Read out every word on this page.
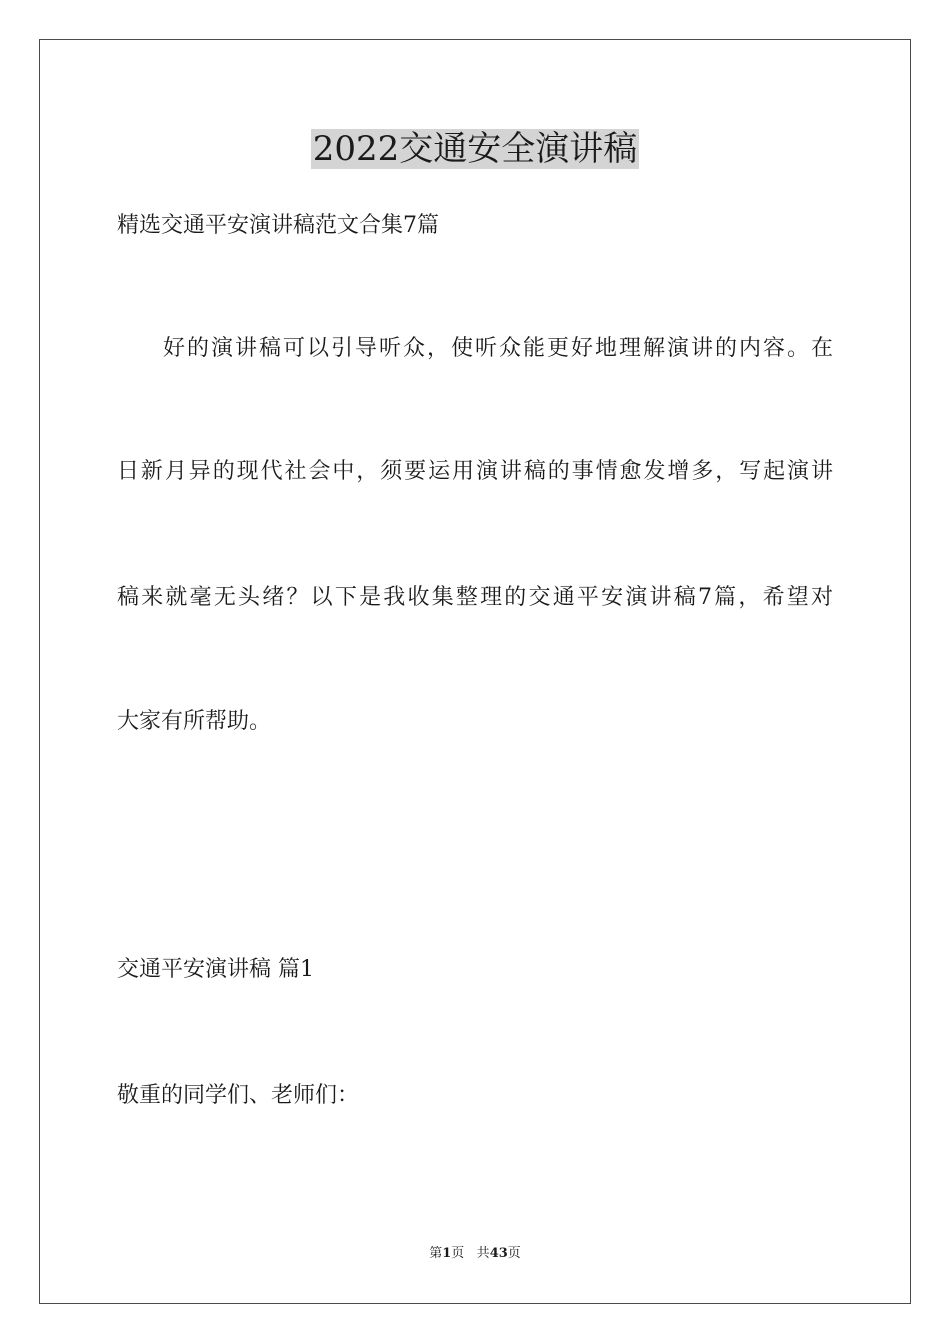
2022交通安全演讲稿

精选交通平安演讲稿范文合集7篇

好的演讲稿可以引导听众，使听众能更好地理解演讲的内容。在

日新月异的现代社会中，须要运用演讲稿的事情愈发增多，写起演讲

稿来就毫无头绪？以下是我收集整理的交通平安演讲稿7篇，希望对

大家有所帮助。

交通平安演讲稿 篇1

敬重的同学们、老师们：

第1页 共43页
